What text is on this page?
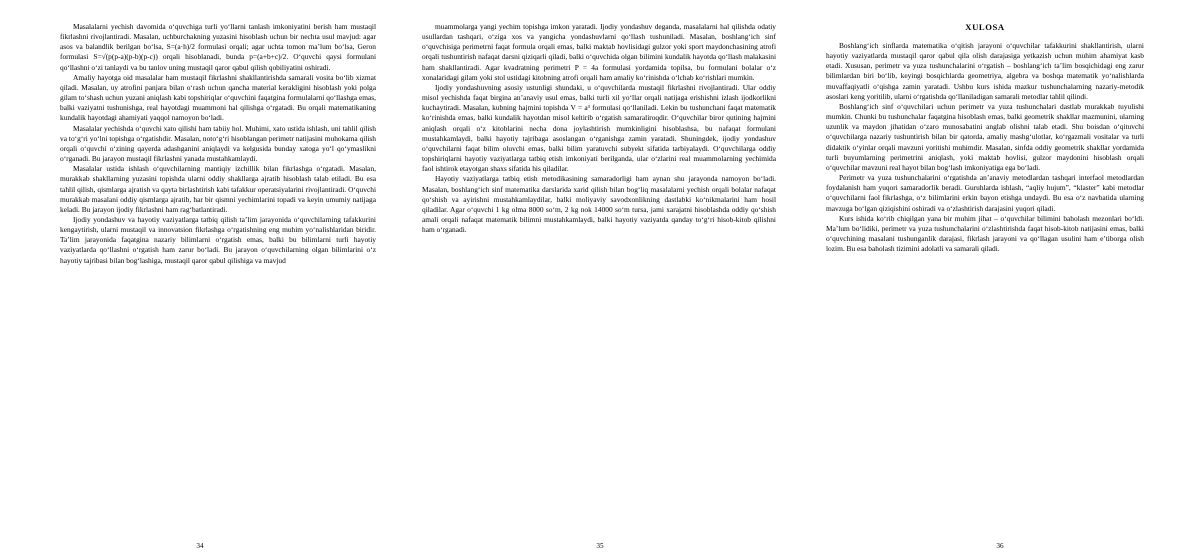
Masalalarni yechish davomida o‘quvchiga turli yo‘llarni tanlash imkoniyatini berish ham mustaqil fikrlashni rivojlantiradi. Masalan, uchburchakning yuzasini hisoblash uchun bir nechta usul mavjud: agar asos va balandlik berilgan bo‘lsa, S=(a·h)/2 formulasi orqali; agar uchta tomon ma’lum bo‘lsa, Geron formulasi S=√(p(p-a)(p-b)(p-c)) orqali hisoblanadi, bunda p=(a+b+c)/2. O‘quvchi qaysi formulani qo‘llashni o‘zi tanlaydi va bu tanlov uning mustaqil qaror qabul qilish qobiliyatini oshiradi.

Amaliy hayotga oid masalalar ham mustaqil fikrlashni shakllantirishda samarali vosita bo‘lib xizmat qiladi. Masalan, uy atrofini panjara bilan o‘rash uchun qancha material kerakligini hisoblash yoki polga gilam to‘shash uchun yuzani aniqlash kabi topshiriqlar o‘quvchini faqatgina formulalarni qo‘llashga emas, balki vaziyatni tushunishga, real hayotdagi muammoni hal qilishga o‘rgatadi. Bu orqali matematikaning kundalik hayotdagi ahamiyati yaqqol namoyon bo‘ladi.

Masalalar yechishda o‘quvchi xato qilishi ham tabiiy hol. Muhimi, xato ustida ishlash, uni tahlil qilish va to‘g‘ri yo‘lni topishga o‘rgatishdir. Masalan, noto‘g‘ri hisoblangan perimetr natijasini muhokama qilish orqali o‘quvchi o‘zining qayerda adashganini aniqlaydi va kelgusida bunday xatoga yo‘l qo‘ymaslikni o‘rganadi. Bu jarayon mustaqil fikrlashni yanada mustahkamlaydi.

Masalalar ustida ishlash o‘quvchilarning mantiqiy izchillik bilan fikrlashga o‘rgatadi. Masalan, murakkab shakllarning yuzasini topishda ularni oddiy shakllarga ajratib hisoblash talab etiladi. Bu esa tahlil qilish, qismlarga ajratish va qayta birlashtirish kabi tafakkur operatsiyalarini rivojlantiradi. O‘quvchi murakkab masalani oddiy qismlarga ajratib, har bir qismni yechimlarini topadi va keyin umumiy natijaga keladi. Bu jarayon ijodiy fikrlashni ham rag‘batlantiradi.

Ijodiy yondashuv va hayotiy vaziyatlarga tatbiq qilish ta’lim jarayonida o‘quvchilarning tafakkurini kengaytirish, ularni mustaqil va innovatsion fikrlashga o‘rgatishning eng muhim yo‘nalishlaridan biridir. Ta’lim jarayonida faqatgina nazariy bilimlarni o‘rgatish emas, balki bu bilimlarni turli hayotiy vaziyatlarda qo‘llashni o‘rgatish ham zarur bo‘ladi. Bu jarayon o‘quvchilarning olgan bilimlarini o‘z hayotiy tajribasi bilan bog‘lashiga, mustaqil qaror qabul qilishiga va mavjud

34

muammolarga yangi yechim topishga imkon yaratadi. Ijodiy yondashuv deganda, masalalarni hal qilishda odatiy usullardan tashqari, o‘ziga xos va yangicha yondashuvlarni qo‘llash tushuniladi. Masalan, boshlang‘ich sinf o‘quvchisiga perimetrni faqat formula orqali emas, balki maktab hovlisidagi gulzor yoki sport maydonchasining atrofi orqali tushuntirish nafaqat darsni qiziqarli qiladi, balki o‘quvchida olgan bilimini kundalik hayotda qo‘llash malakasini ham shakllantiradi. Agar kvadratning perimetri P = 4a formulasi yordamida topilsa, bu formulani bolalar o‘z xonalaridagi gilam yoki stol ustidagi kitobning atrofi orqali ham amaliy ko‘rinishda o‘lchab ko‘rishlari mumkin.

Ijodiy yondashuvning asosiy ustunligi shundaki, u o‘quvchilarda mustaqil fikrlashni rivojlantiradi. Ular oddiy misol yechishda faqat birgina an’anaviy usul emas, balki turli xil yo‘llar orqali natijaga erishishni izlash ijodkorlikni kuchaytiradi. Masalan, kubning hajmini topishda V = a³ formulasi qo‘llaniladi. Lekin bu tushunchani faqat matematik ko‘rinishda emas, balki kundalik hayotdan misol keltirib o‘rgatish samaraliroqdir. O‘quvchilar biror qutining hajmini aniqlash orqali o‘z kitoblarini necha dona joylashtirish mumkinligini hisoblashsa, bu nafaqat formulani mustahkamlaydi, balki hayotiy tajribaga asoslangan o‘rganishga zamin yaratadi. Shuningdek, ijodiy yondashuv o‘quvchilarni faqat bilim oluvchi emas, balki bilim yaratuvchi subyekt sifatida tarbiyalaydi. O‘quvchilarga oddiy topshiriqlarni hayotiy vaziyatlarga tatbiq etish imkoniyati berilganda, ular o‘zlarini real muammolarning yechimida faol ishtirok etayotgan shaxs sifatida his qiladilar.

Hayotiy vaziyatlarga tatbiq etish metodikasining samaradorligi ham aynan shu jarayonda namoyon bo‘ladi. Masalan, boshlang‘ich sinf matematika darslarida xarid qilish bilan bog‘liq masalalarni yechish orqali bolalar nafaqat qo‘shish va ayirishni mustahkamlaydilar, balki moliyaviy savodxonlikning dastlabki ko‘nikmalarini ham hosil qiladilar. Agar o‘quvchi 1 kg olma 8000 so‘m, 2 kg nok 14000 so‘m tursa, jami xarajatni hisoblashda oddiy qo‘shish amali orqali nafaqat matematik bilimni mustahkamlaydi, balki hayotiy vaziyatda qanday to‘g‘ri hisob-kitob qilishni ham o‘rganadi.

35
XULOSA

Boshlang‘ich sinflarda matematika o‘qitish jarayoni o‘quvchilar tafakkurini shakllantirish, ularni hayotiy vaziyatlarda mustaqil qaror qabul qila olish darajasiga yetkazish uchun muhim ahamiyat kasb etadi. Xususan, perimetr va yuza tushunchalarini o‘rgatish – boshlang‘ich ta’lim bosqichidagi eng zarur bilimlardan biri bo‘lib, keyingi bosqichlarda geometriya, algebra va boshqa matematik yo‘nalishlarda muvaffaqiyatli o‘qishga zamin yaratadi. Ushbu kurs ishida mazkur tushunchalarning nazariy-metodik asoslari keng yoritilib, ularni o‘rgatishda qo‘llaniladigan samarali metodlar tahlil qilindi.

Boshlang‘ich sinf o‘quvchilari uchun perimetr va yuza tushunchalari dastlab murakkab tuyulishi mumkin. Chunki bu tushunchalar faqatgina hisoblash emas, balki geometrik shakllar mazmunini, ularning uzunlik va maydon jihatidan o‘zaro munosabatini anglab olishni talab etadi. Shu boisdan o‘qituvchi o‘quvchilarga nazariy tushuntirish bilan bir qatorda, amaliy mashg‘ulotlar, ko‘rgazmali vositalar va turli didaktik o‘yinlar orqali mavzuni yoritishi muhimdir. Masalan, sinfda oddiy geometrik shakllar yordamida turli buyumlarning perimetrini aniqlash, yoki maktab hovlisi, gulzor maydonini hisoblash orqali o‘quvchilar mavzuni real hayot bilan bog‘lash imkoniyatiga ega bo‘ladi.

Perimetr va yuza tushunchalarini o‘rgatishda an’anaviy metodlardan tashqari interfaol metodlardan foydalanish ham yuqori samaradorlik beradi. Guruhlarda ishlash, “aqliy hujum”, “klaster” kabi metodlar o‘quvchilarni faol fikrlashga, o‘z bilimlarini erkin bayon etishga undaydi. Bu esa o‘z navbatida ularning mavzuga bo‘lgan qiziqishini oshiradi va o‘zlashtirish darajasini yuqori qiladi.

Kurs ishida ko‘rib chiqilgan yana bir muhim jihat – o‘quvchilar bilimini baholash mezonlari bo‘ldi. Ma’lum bo‘lidiki, perimetr va yuza tushunchalarini o‘zlashtirishda faqat hisob-kitob natijasini emas, balki o‘quvchining masalani tushunganlik darajasi, fikrlash jarayoni va qo‘llagan usulini ham e’tiborga olish lozim. Bu esa baholash tizimini adolatli va samarali qiladi.

36
